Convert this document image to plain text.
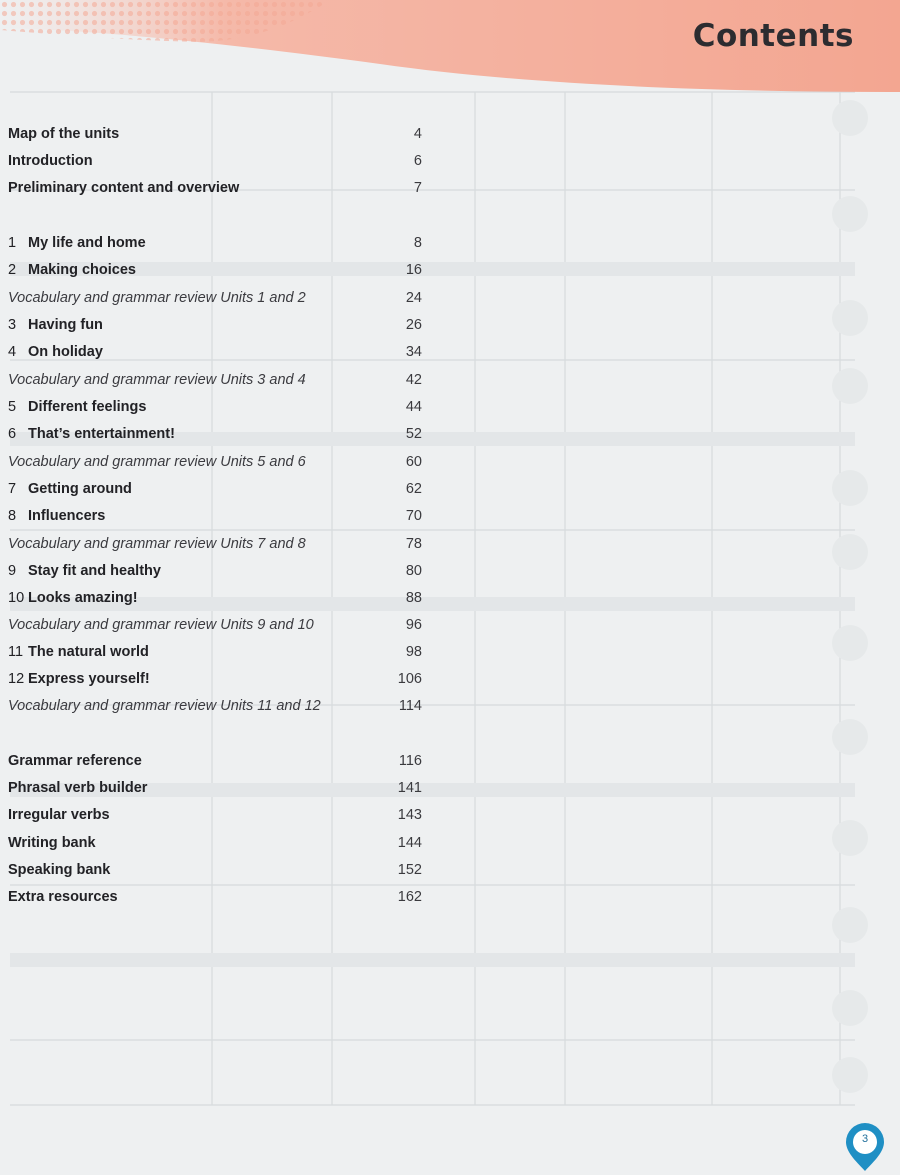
Contents
Map of the units	4
Introduction	6
Preliminary content and overview	7
1 My life and home	8
2 Making choices	16
Vocabulary and grammar review Units 1 and 2	24
3 Having fun	26
4 On holiday	34
Vocabulary and grammar review Units 3 and 4	42
5 Different feelings	44
6 That’s entertainment!	52
Vocabulary and grammar review Units 5 and 6	60
7 Getting around	62
8 Influencers	70
Vocabulary and grammar review Units 7 and 8	78
9 Stay fit and healthy	80
10 Looks amazing!	88
Vocabulary and grammar review Units 9 and 10	96
11 The natural world	98
12 Express yourself!	106
Vocabulary and grammar review Units 11 and 12	114
Grammar reference	116
Phrasal verb builder	141
Irregular verbs	143
Writing bank	144
Speaking bank	152
Extra resources	162
3
